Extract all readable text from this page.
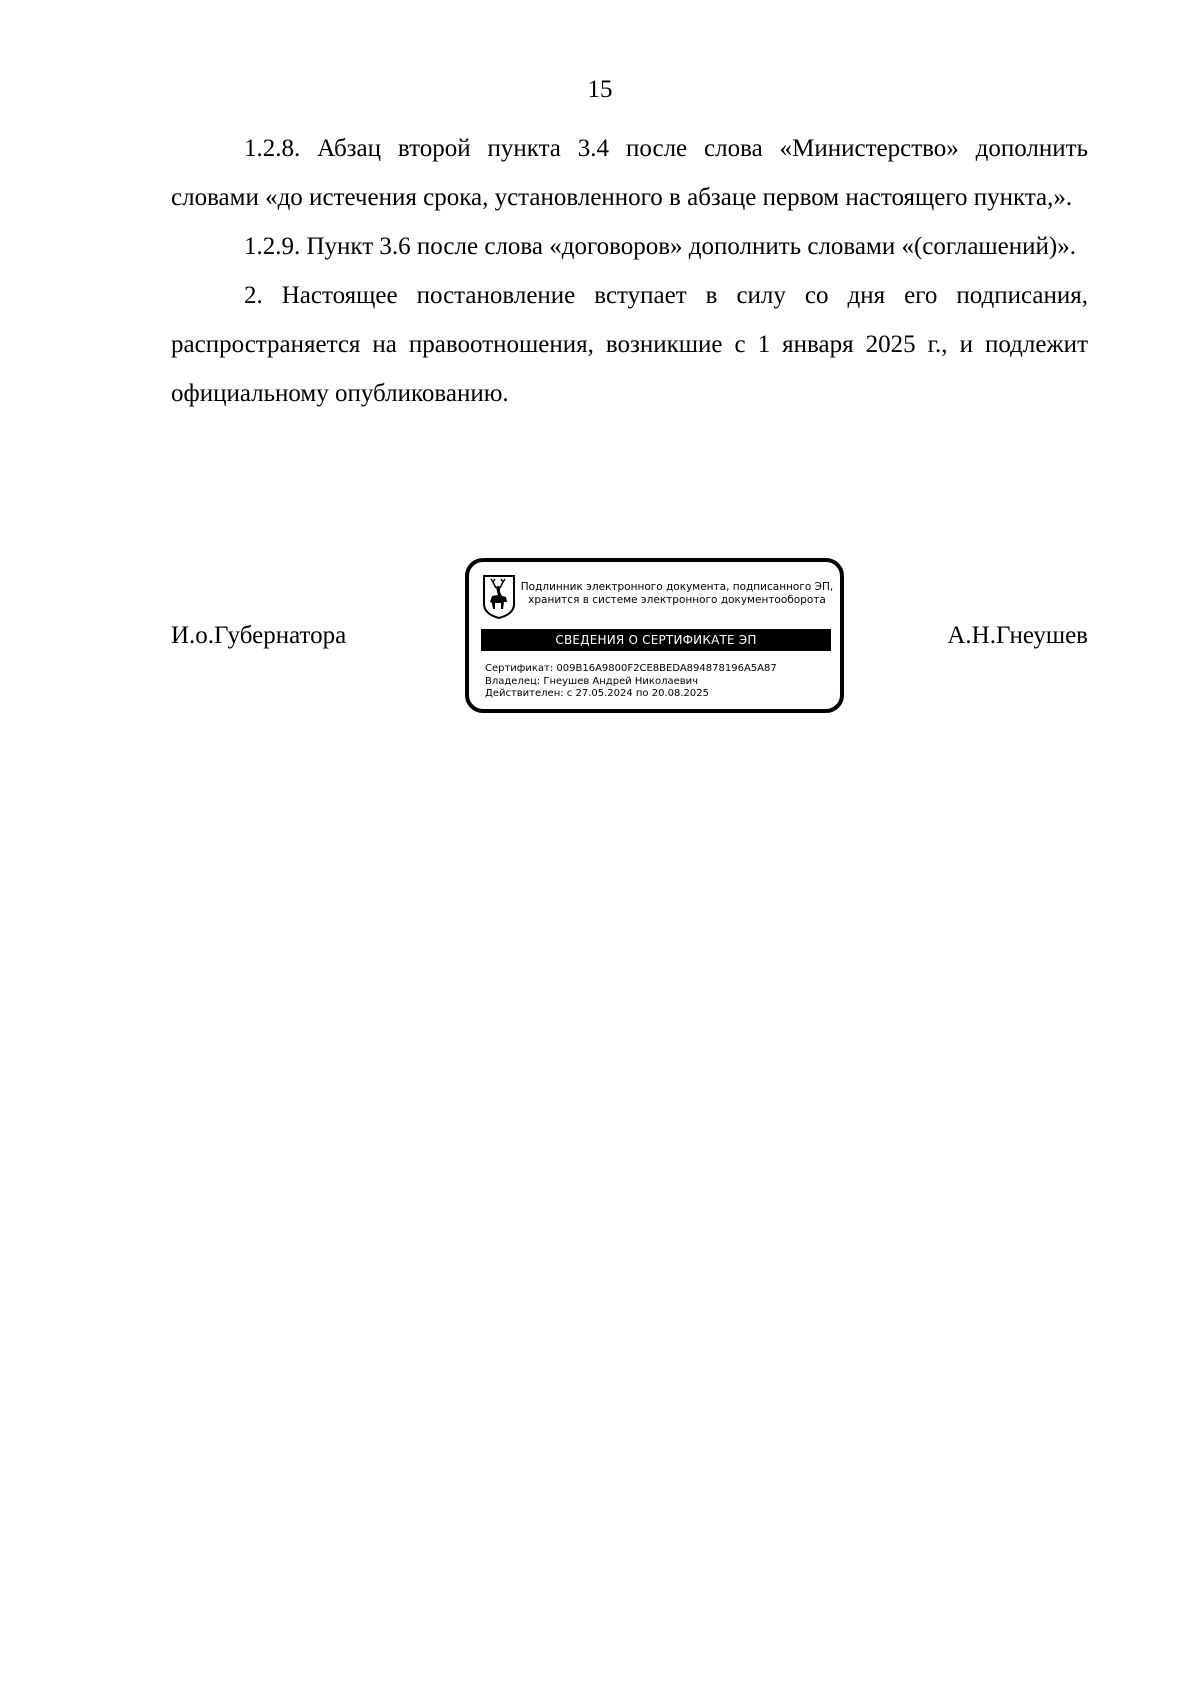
15

1.2.8. Абзац второй пункта 3.4 после слова «Министерство» дополнить словами «до истечения срока, установленного в абзаце первом настоящего пункта,».

1.2.9. Пункт 3.6 после слова «договоров» дополнить словами «(соглашений)».

2. Настоящее постановление вступает в силу со дня его подписания, распространяется на правоотношения, возникшие с 1 января 2025 г., и подлежит официальному опубликованию.

И.о.Губернатора
Подлинник электронного документа, подписанного ЭП,
хранится в системе электронного документооборота
СВЕДЕНИЯ О СЕРТИФИКАТЕ ЭП
Сертификат: 009B16A9800F2CE8BEDA894878196A5A87
Владелец: Гнеушев Андрей Николаевич
Действителен: с 27.05.2024 по 20.08.2025
А.Н.Гнеушев
